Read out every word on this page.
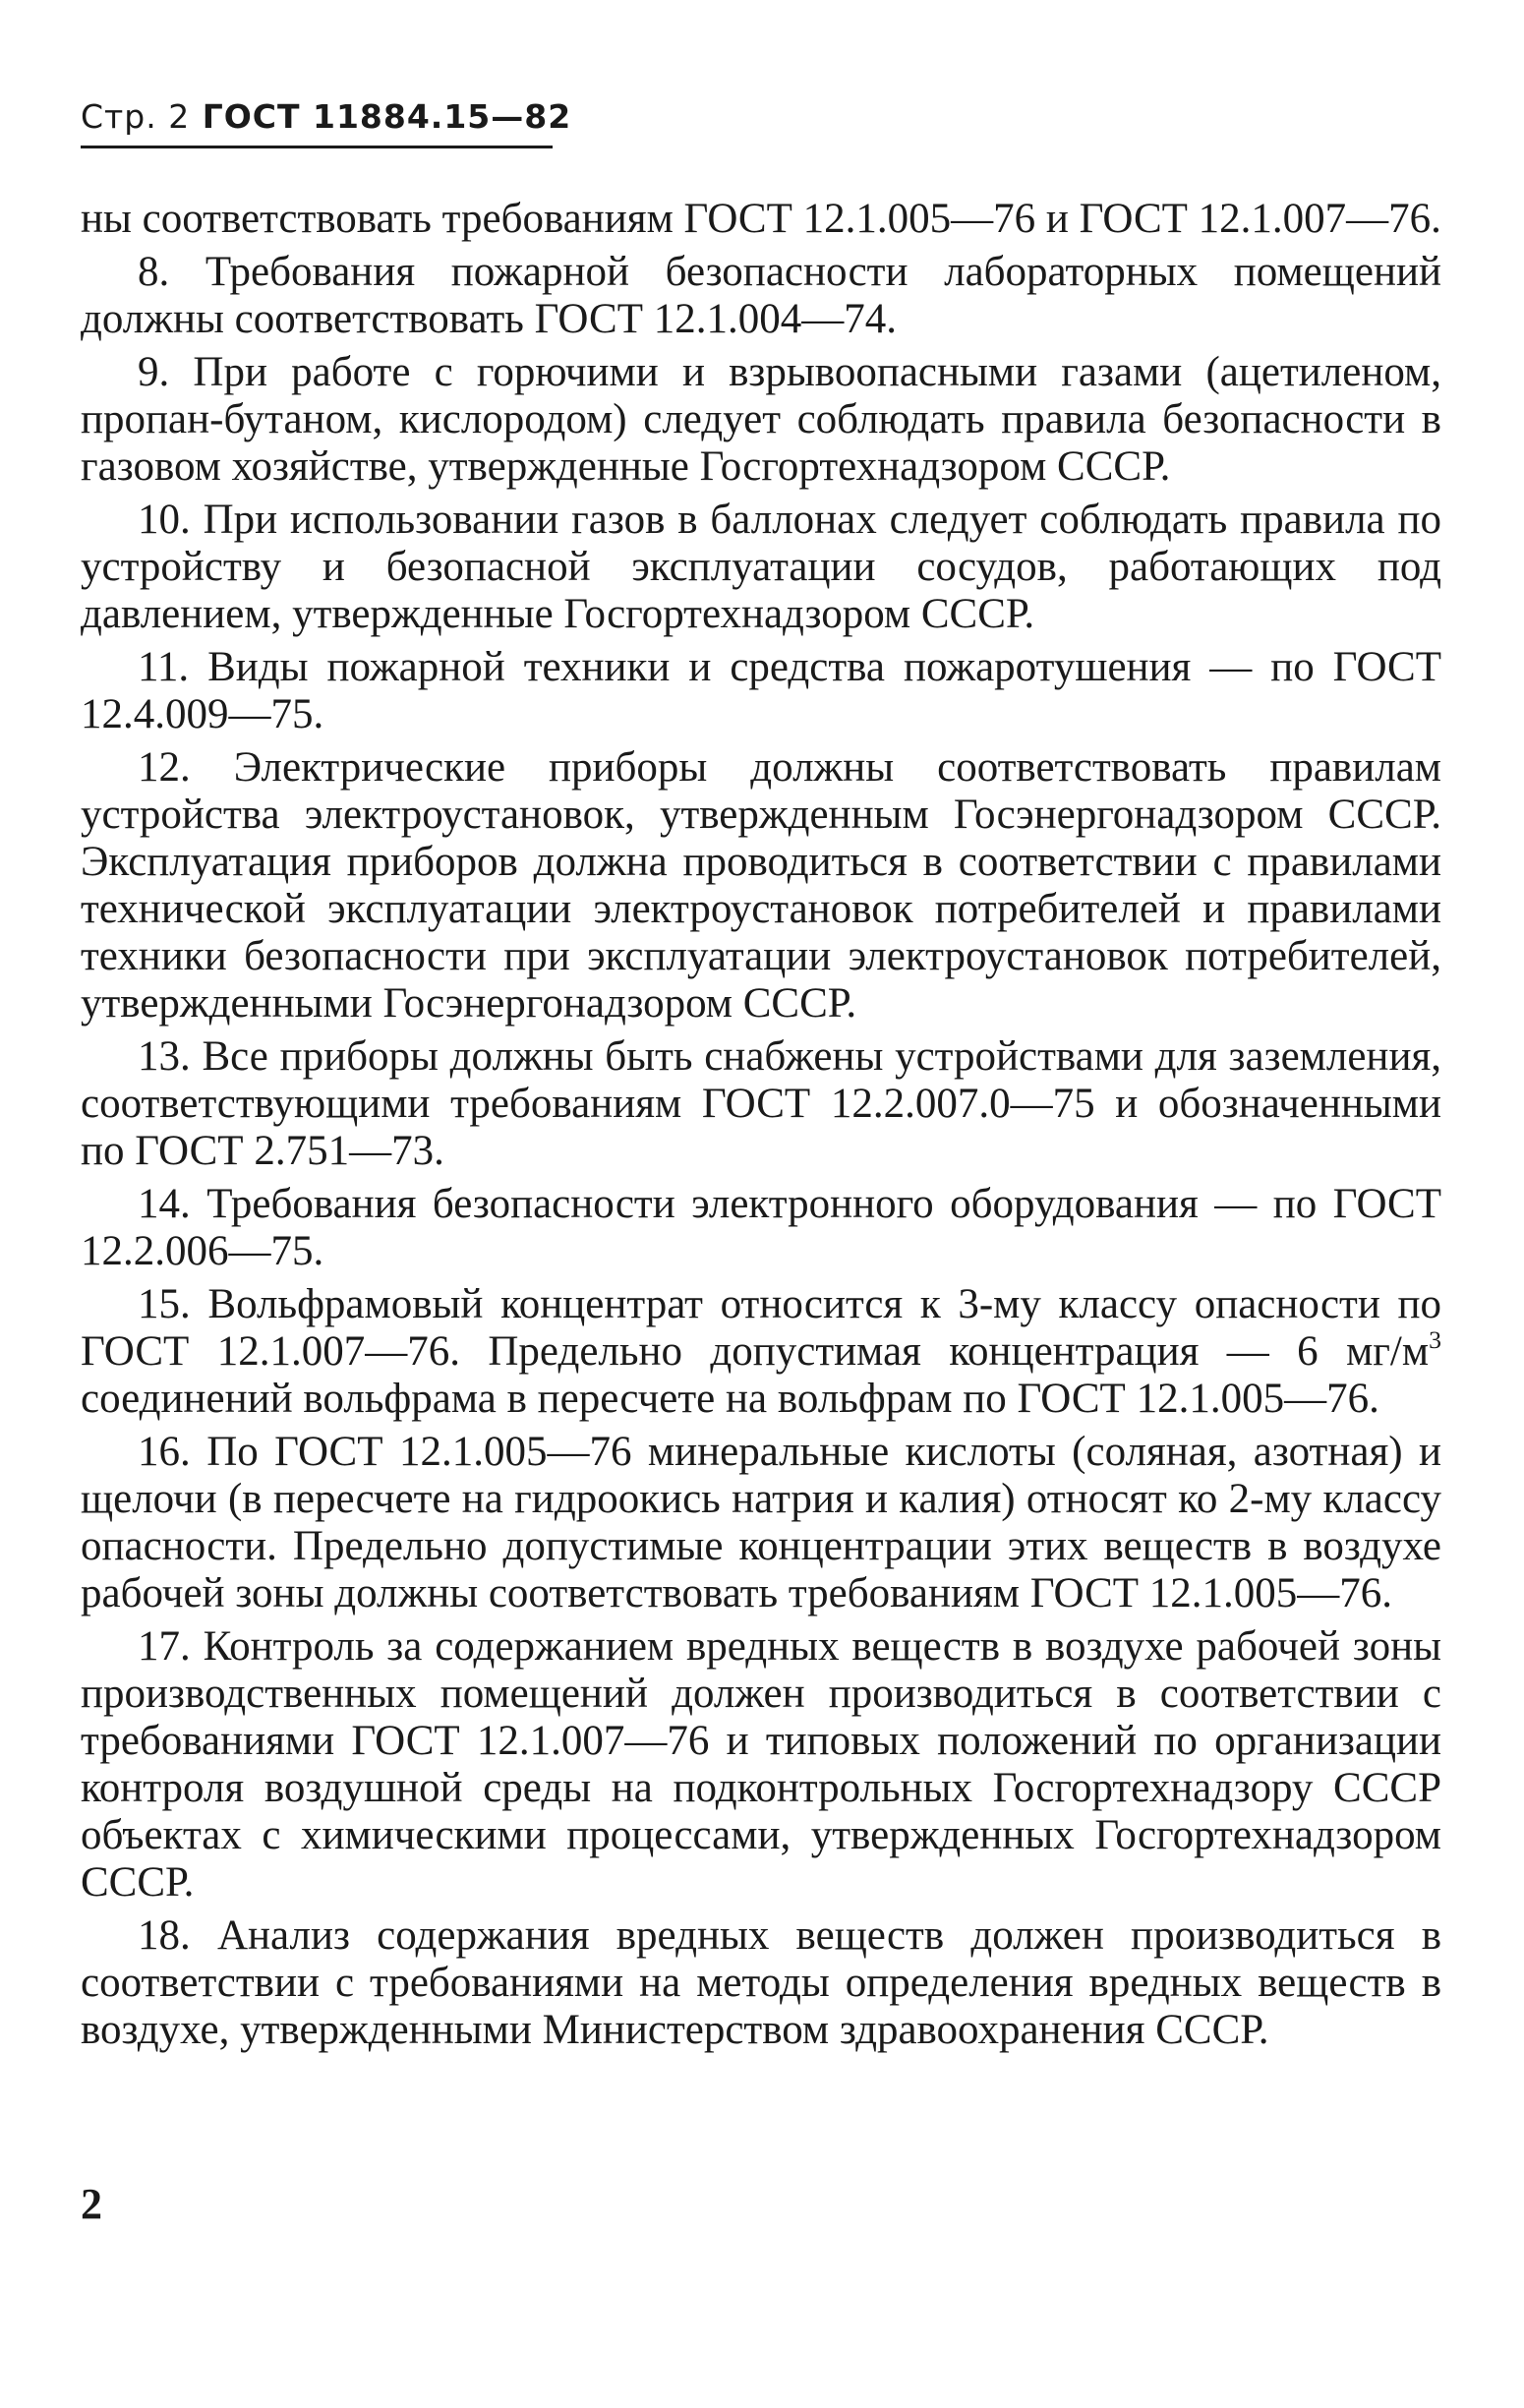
Стр. 2 ГОСТ 11884.15—82

ны соответствовать требованиям ГОСТ 12.1.005—76 и ГОСТ 12.1.007—76.

8. Требования пожарной безопасности лабораторных помещений должны соответствовать ГОСТ 12.1.004—74.

9. При работе с горючими и взрывоопасными газами (ацетиленом, пропан-бутаном, кислородом) следует соблюдать правила безопасности в газовом хозяйстве, утвержденные Госгортехнадзором СССР.

10. При использовании газов в баллонах следует соблюдать правила по устройству и безопасной эксплуатации сосудов, работающих под давлением, утвержденные Госгортехнадзором СССР.

11. Виды пожарной техники и средства пожаротушения — по ГОСТ 12.4.009—75.

12. Электрические приборы должны соответствовать правилам устройства электроустановок, утвержденным Госэнергонадзором СССР. Эксплуатация приборов должна проводиться в соответствии с правилами технической эксплуатации электроустановок потребителей и правилами техники безопасности при эксплуатации электроустановок потребителей, утвержденными Госэнергонадзором СССР.

13. Все приборы должны быть снабжены устройствами для заземления, соответствующими требованиям ГОСТ 12.2.007.0—75 и обозначенными по ГОСТ 2.751—73.

14. Требования безопасности электронного оборудования — по ГОСТ 12.2.006—75.

15. Вольфрамовый концентрат относится к 3-му классу опасности по ГОСТ 12.1.007—76. Предельно допустимая концентрация — 6 $мг/м^3$ соединений вольфрама в пересчете на вольфрам по ГОСТ 12.1.005—76.

16. По ГОСТ 12.1.005—76 минеральные кислоты (соляная, азотная) и щелочи (в пересчете на гидроокись натрия и калия) относят ко 2-му классу опасности. Предельно допустимые концентрации этих веществ в воздухе рабочей зоны должны соответствовать требованиям ГОСТ 12.1.005—76.

17. Контроль за содержанием вредных веществ в воздухе рабочей зоны производственных помещений должен производиться в соответствии с требованиями ГОСТ 12.1.007—76 и типовых положений по организации контроля воздушной среды на подконтрольных Госгортехнадзору СССР объектах с химическими процессами, утвержденных Госгортехнадзором СССР.

18. Анализ содержания вредных веществ должен производиться в соответствии с требованиями на методы определения вредных веществ в воздухе, утвержденными Министерством здравоохранения СССР.

2
